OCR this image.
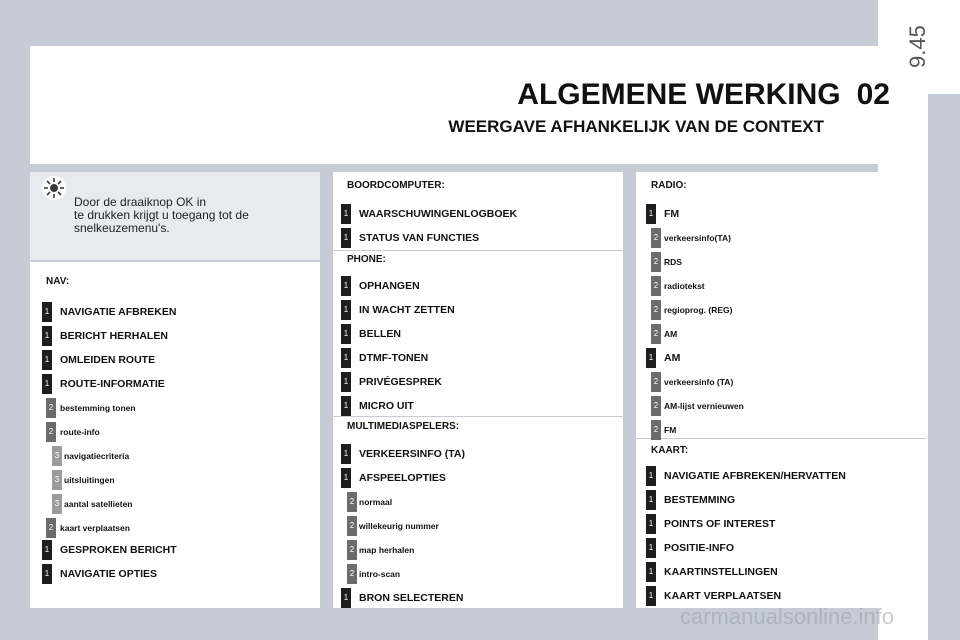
9.45
ALGEMENE WERKING 02
WEERGAVE AFHANKELIJK VAN DE CONTEXT
Door de draaiknop OK in
te drukken krijgt u toegang tot de
snelkeuzemenu's.
NAV:
BOORDCOMPUTER:
PHONE:
MULTIMEDIASPELERS:
RADIO:
KAART:
1 NAVIGATIE AFBREKEN
1 BERICHT HERHALEN
1 OMLEIDEN ROUTE
1 ROUTE-INFORMATIE
2 bestemming tonen
2 route-info
3 navigatiecriteria
3 uitsluitingen
3 aantal satellieten
2 kaart verplaatsen
1 GESPROKEN BERICHT
1 NAVIGATIE OPTIES
1 WAARSCHUWINGENLOGBOEK
1 STATUS VAN FUNCTIES
1 OPHANGEN
1 IN WACHT ZETTEN
1 BELLEN
1 DTMF-TONEN
1 PRIVÉGESPREK
1 MICRO UIT
1 VERKEERSINFO (TA)
1 AFSPEELOPTIES
2 normaal
2 willekeurig nummer
2 map herhalen
2 intro-scan
1 BRON SELECTEREN
1 FM
2 verkeersinfo(TA)
2 RDS
2 radiotekst
2 regioprog. (REG)
2 AM
1 AM
2 verkeersinfo (TA)
2 AM-lijst vernieuwen
2 FM
1 NAVIGATIE AFBREKEN/HERVATTEN
1 BESTEMMING
1 POINTS OF INTEREST
1 POSITIE-INFO
1 KAARTINSTELLINGEN
1 KAART VERPLAATSEN
carmanualsonline.info
